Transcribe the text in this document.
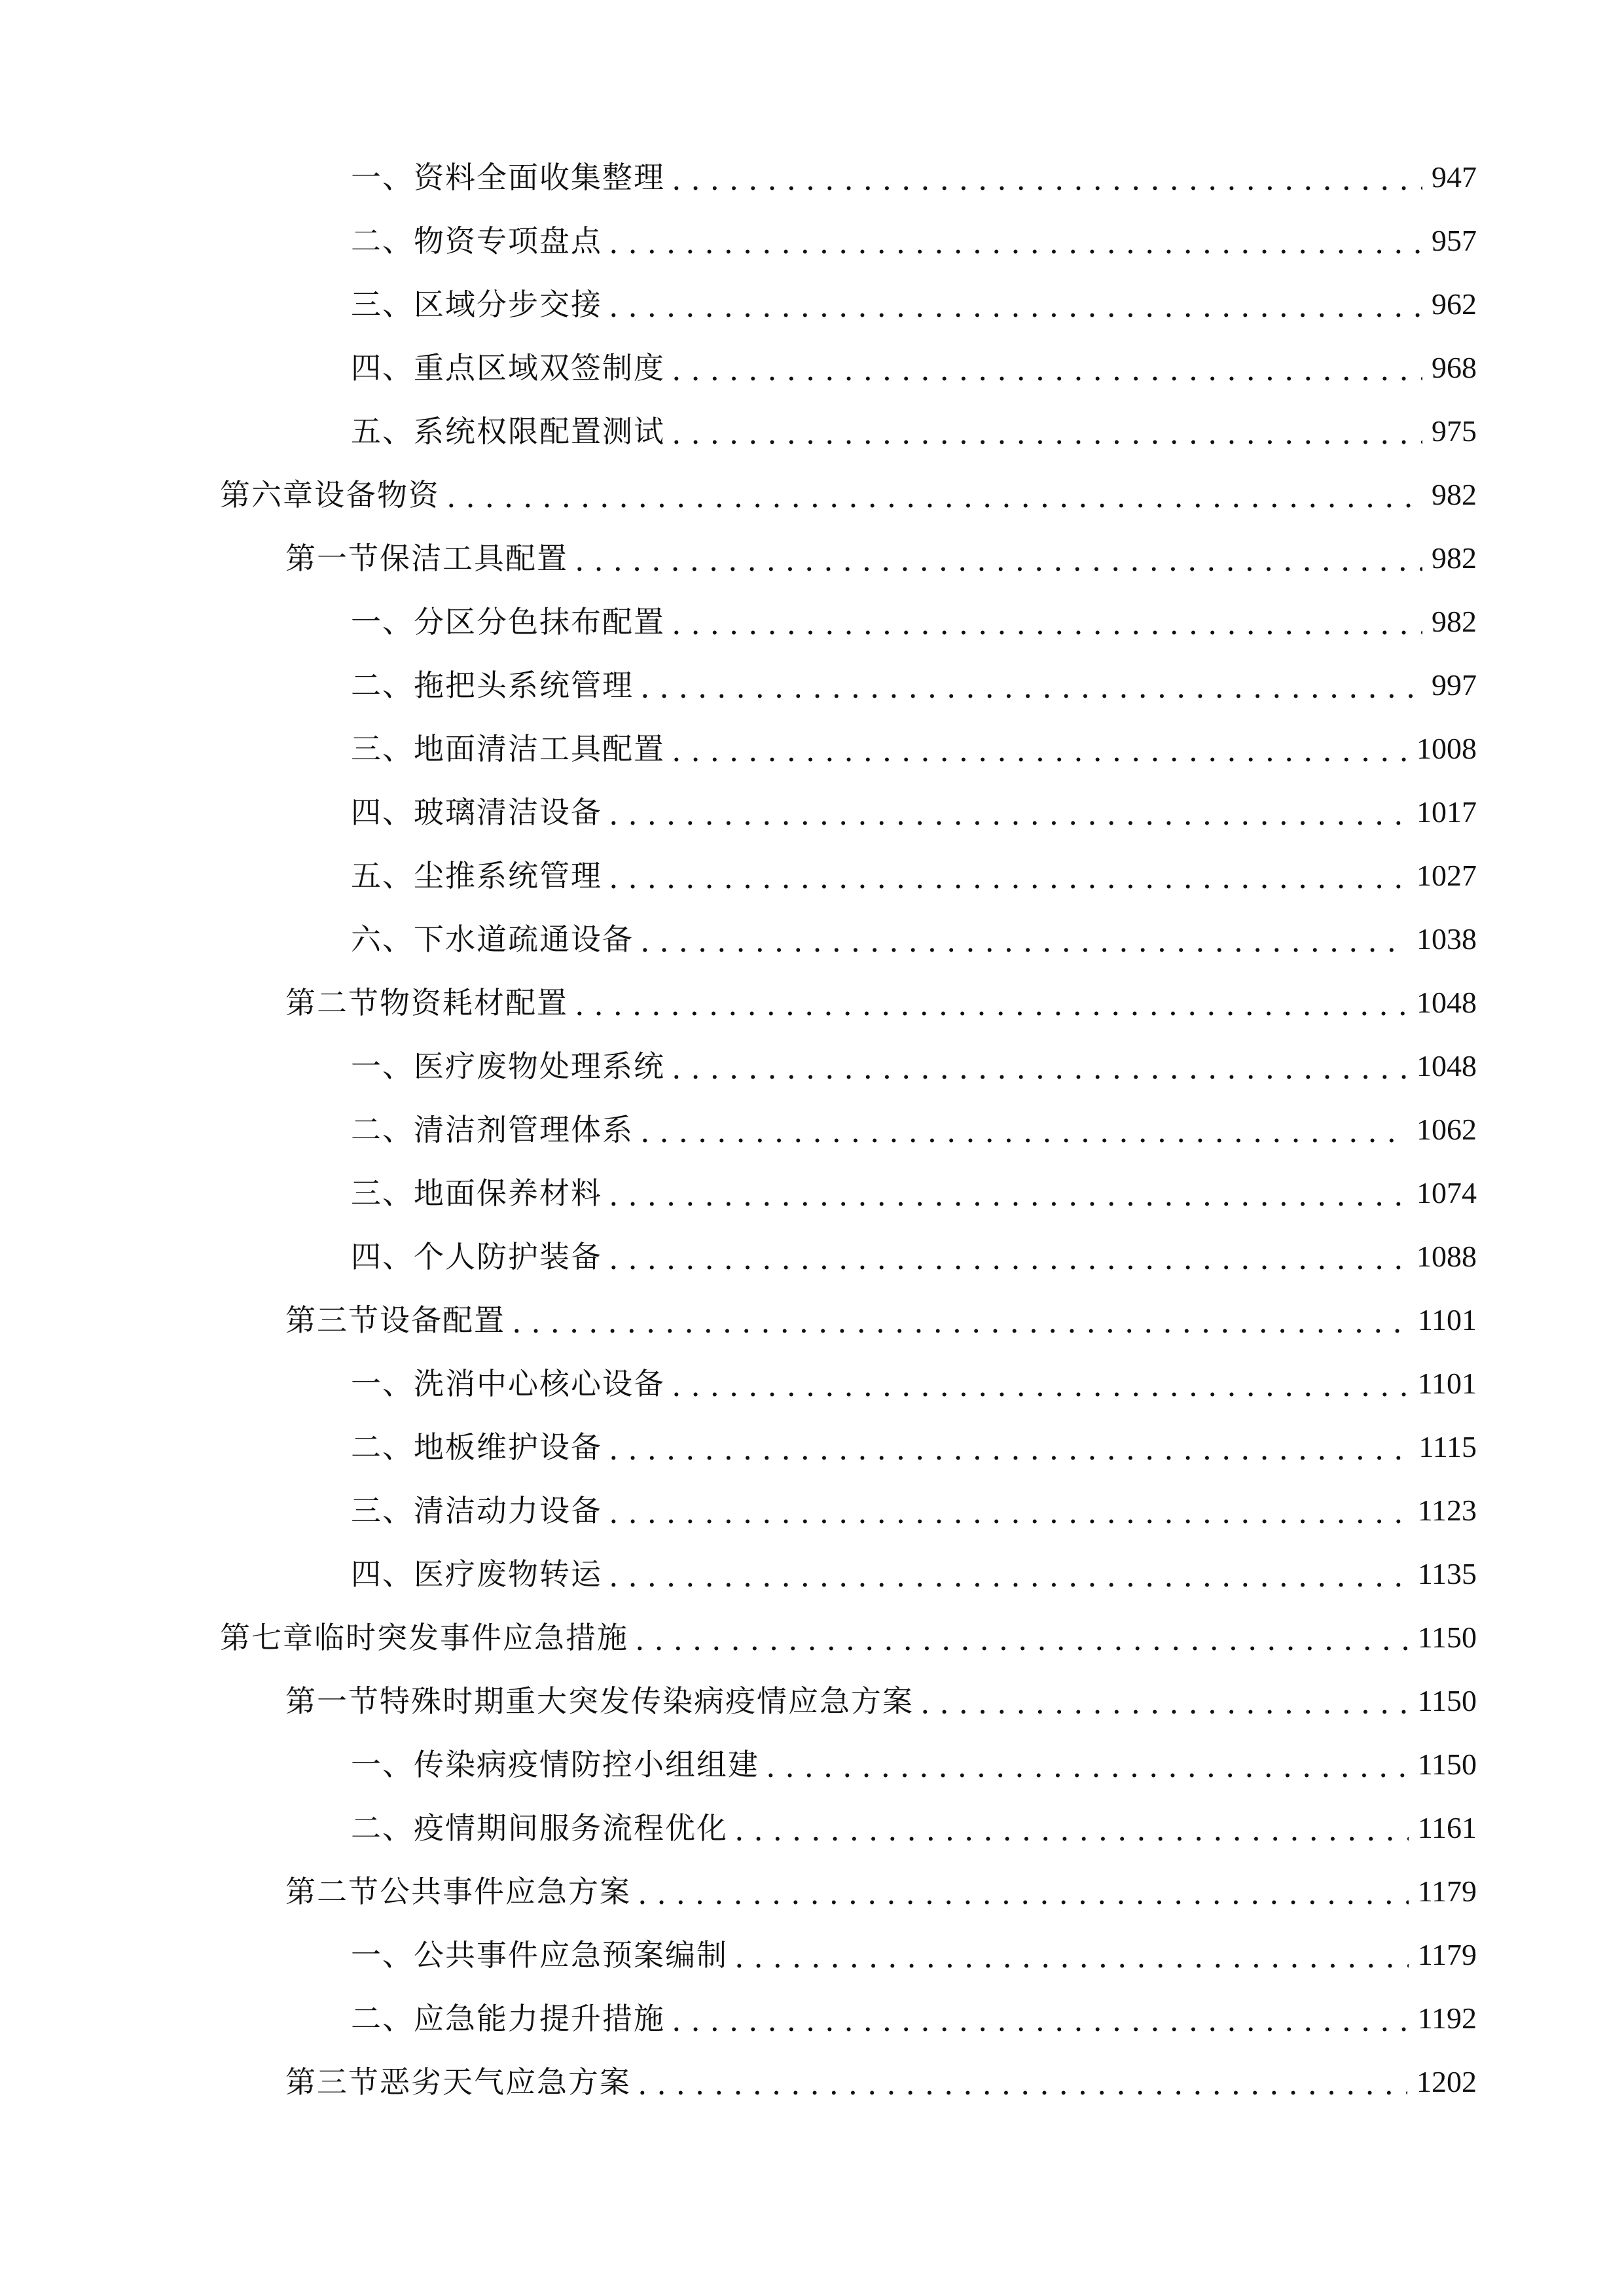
一、 资料全面收集整理 . . .	947
二、 物资专项盘点 . . .	957
三、 区域分步交接 . . .	962
四、 重点区域双签制度 . . .	968
五、 系统权限配置测试 . . .	975
第六章 设备物资 . . .	982
第一节 保洁工具配置 . . .	982
一、 分区分色抹布配置 . . .	982
二、 拖把头系统管理 . . .	997
三、 地面清洁工具配置 . . .	1008
四、 玻璃清洁设备 . . .	1017
五、 尘推系统管理 . . .	1027
六、 下水道疏通设备 . . .	1038
第二节 物资耗材配置 . . .	1048
一、 医疗废物处理系统 . . .	1048
二、 清洁剂管理体系 . . .	1062
三、 地面保养材料 . . .	1074
四、 个人防护装备 . . .	1088
第三节 设备配置 . . .	1101
一、 洗消中心核心设备 . . .	1101
二、 地板维护设备 . . .	1115
三、 清洁动力设备 . . .	1123
四、 医疗废物转运 . . .	1135
第七章 临时突发事件应急措施 . . .	1150
第一节 特殊时期重大突发传染病疫情应急方案 . . .	1150
一、 传染病疫情防控小组组建 . . .	1150
二、 疫情期间服务流程优化 . . .	1161
第二节 公共事件应急方案 . . .	1179
一、 公共事件应急预案编制 . . .	1179
二、 应急能力提升措施 . . .	1192
第三节 恶劣天气应急方案 . . .	1202
